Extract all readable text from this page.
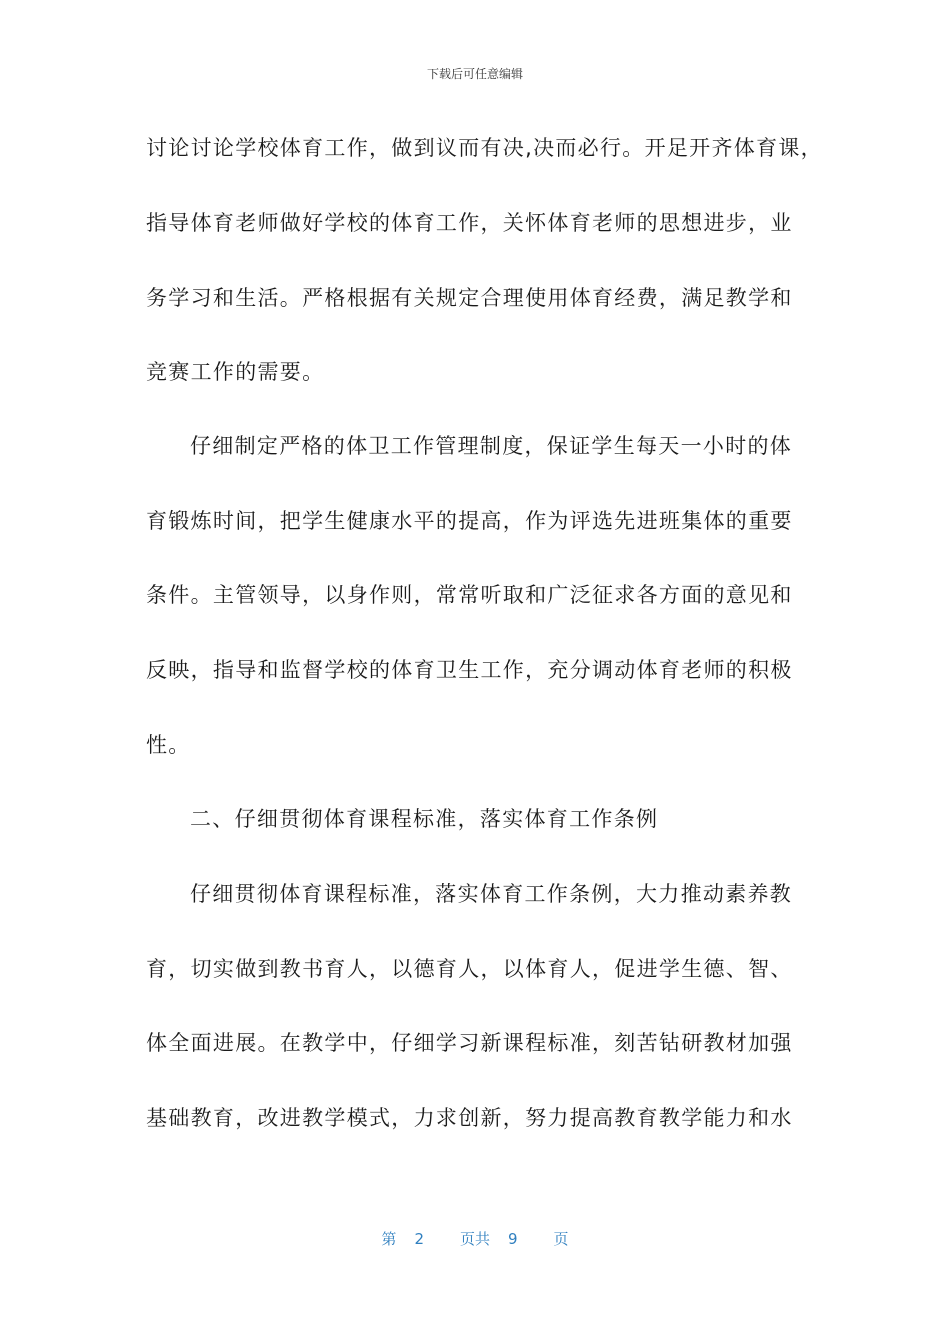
下载后可任意编辑
讨论讨论学校体育工作，做到议而有决,决而必行。开足开齐体育课，
指导体育老师做好学校的体育工作，关怀体育老师的思想进步，业
务学习和生活。严格根据有关规定合理使用体育经费，满足教学和
竞赛工作的需要。
仔细制定严格的体卫工作管理制度，保证学生每天一小时的体
育锻炼时间，把学生健康水平的提高，作为评选先进班集体的重要
条件。主管领导，以身作则，常常听取和广泛征求各方面的意见和
反映，指导和监督学校的体育卫生工作，充分调动体育老师的积极
性。
二、仔细贯彻体育课程标准，落实体育工作条例
仔细贯彻体育课程标准，落实体育工作条例，大力推动素养教
育，切实做到教书育人，以德育人，以体育人，促进学生德、智、
体全面进展。在教学中，仔细学习新课程标准，刻苦钻研教材加强
基础教育，改进教学模式，力求创新，努力提高教育教学能力和水
第 2 页共 9 页
